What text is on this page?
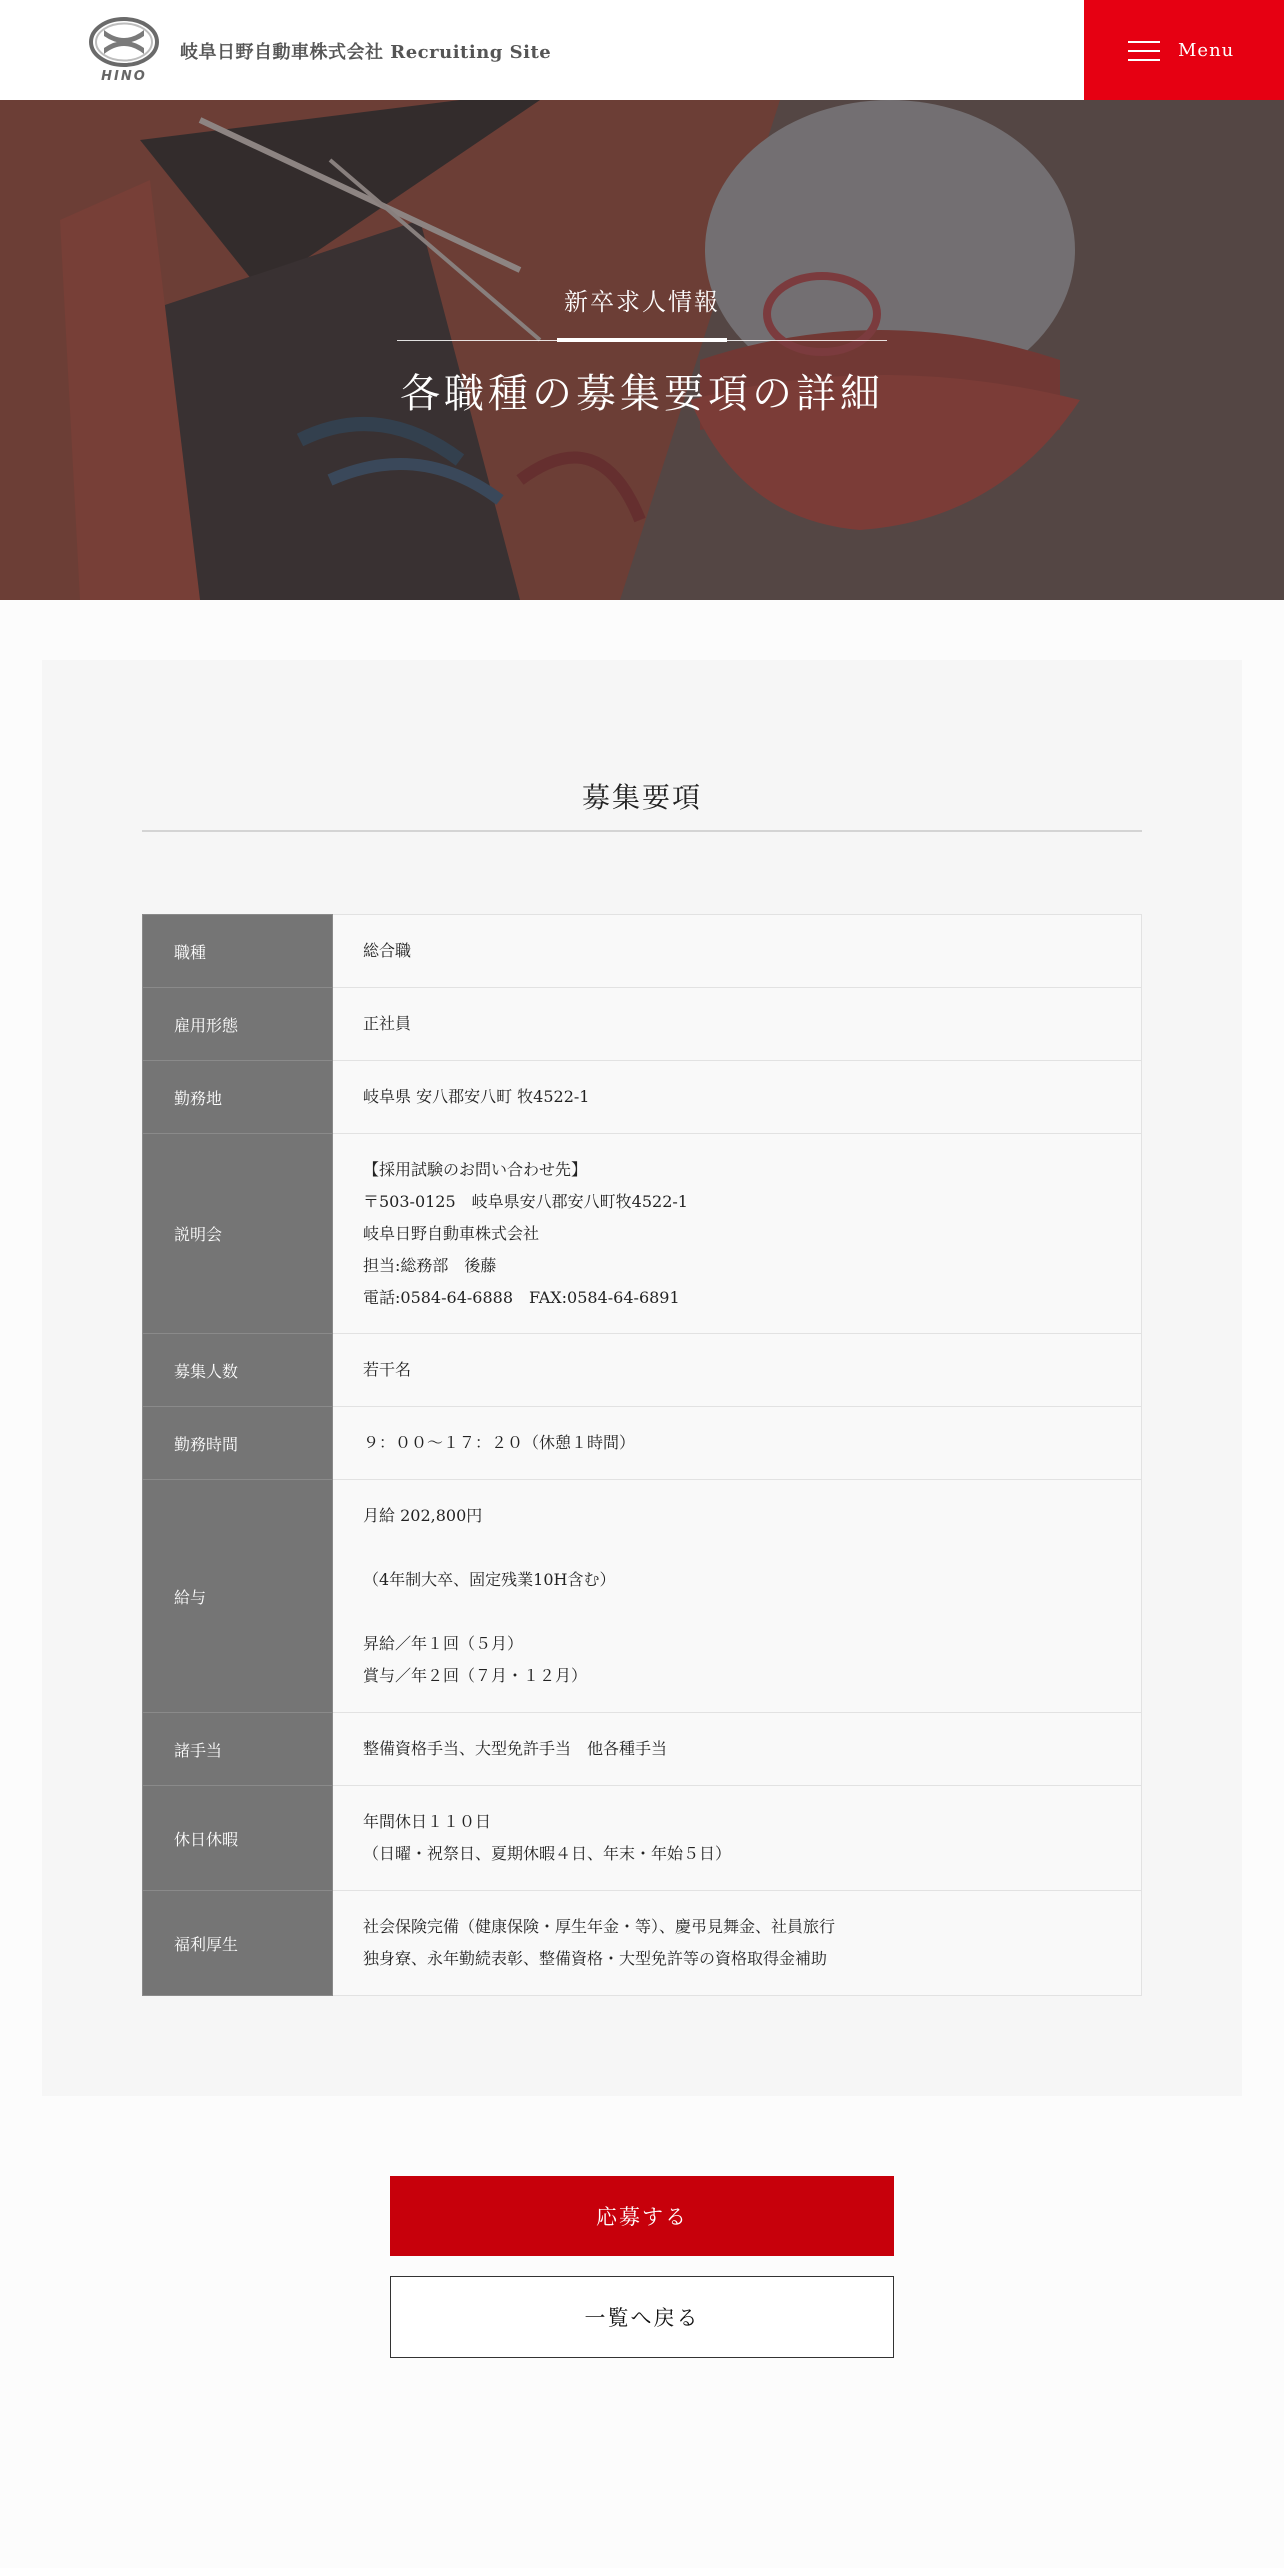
HINO
岐阜日野自動車株式会社 Recruiting Site	Menu
新卒求人情報
各職種の募集要項の詳細
募集要項
職種	総合職

雇用形態	正社員

勤務地	岐阜県 安八郡安八町 牧4522-1

説明会	【採用試験のお問い合わせ先】
〒503-0125　岐阜県安八郡安八町牧4522-1
岐阜日野自動車株式会社
担当:総務部　後藤
電話:0584-64-6888　FAX:0584-64-6891

募集人数	若干名

勤務時間	９：００～１７：２０（休憩１時間）

給与	月給 202,800円
（4年制大卒、固定残業10H含む）
昇給／年１回（５月）
賞与／年２回（７月・１２月）

諸手当	整備資格手当、大型免許手当　他各種手当

休日休暇	年間休日１１０日
（日曜・祝祭日、夏期休暇４日、年末・年始５日）

福利厚生	社会保険完備（健康保険・厚生年金・等）、慶弔見舞金、社員旅行
独身寮、永年勤続表彰、整備資格・大型免許等の資格取得金補助
応募する
一覧へ戻る
